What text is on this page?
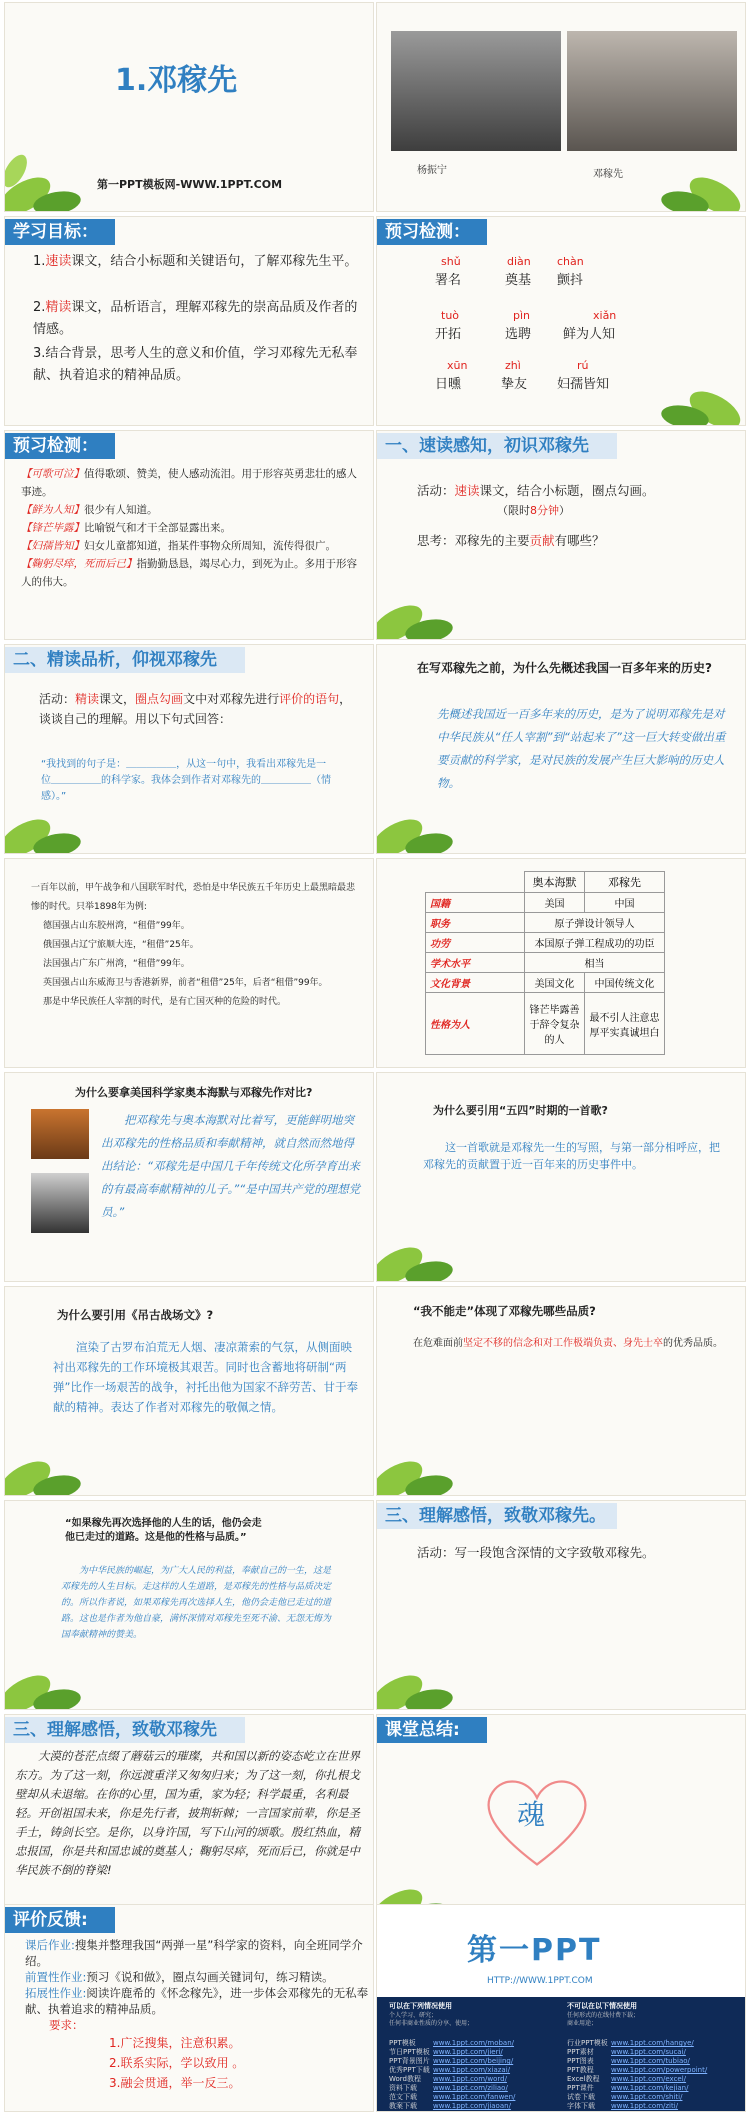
1.邓稼先
第一PPT模板网-WWW.1PPT.COM
杨振宁	邓稼先
学习目标：
1.速读课文，结合小标题和关键语句，了解邓稼先生平。
2.精读课文，品析语言，理解邓稼先的崇高品质及作者的情感。
3.结合背景，思考人生的意义和价值，学习邓稼先无私奉献、执着追求的精神品质。
预习检测：
shǔ
署名
diàn
奠基
chàn
颤抖
tuò
开拓
pìn
选聘
xiǎn
鲜为人知
xūn
日曛
zhì
挚友
rú
妇孺皆知
预习检测：
【可歌可泣】值得歌颂、赞美，使人感动流泪。用于形容英勇悲壮的感人事迹。
【鲜为人知】很少有人知道。
【锋芒毕露】比喻锐气和才干全部显露出来。
【妇孺皆知】妇女儿童都知道，指某件事物众所周知，流传得很广。
【鞠躬尽瘁，死而后已】指勤勤恳恳，竭尽心力，到死为止。多用于形容人的伟大。
一、速读感知，初识邓稼先
活动：速读课文，结合小标题，圈点勾画。
（限时8分钟）
思考：邓稼先的主要贡献有哪些？
二、精读品析，仰视邓稼先
活动：精读课文，圈点勾画文中对邓稼先进行评价的语句，谈谈自己的理解。用以下句式回答：
“我找到的句子是：＿＿＿＿＿，从这一句中，我看出邓稼先是一位＿＿＿＿＿的科学家。我体会到作者对邓稼先的＿＿＿＿＿（情感）。”
在写邓稼先之前，为什么先概述我国一百多年来的历史?
先概述我国近一百多年来的历史，是为了说明邓稼先是对中华民族从“任人宰割”到“站起来了”这一巨大转变做出重要贡献的科学家，是对民族的发展产生巨大影响的历史人物。
一百年以前，甲午战争和八国联军时代，恐怕是中华民族五千年历史上最黑暗最悲惨的时代。只举1898年为例:
德国强占山东胶州湾，“租借”99年。
俄国强占辽宁旅顺大连，“租借”25年。
法国强占广东广州湾，“租借”99年。
英国强占山东威海卫与香港新界，前者“租借”25年，后者“租借”99年。
那是中华民族任人宰割的时代，是有亡国灭种的危险的时代。
	奥本海默	邓稼先
国籍	美国	中国
职务	原子弹设计领导人	
功劳	本国原子弹工程成功的功臣	
学术水平	相当	
文化背景	美国文化	中国传统文化
性格为人	锋芒毕露善于辞令复杂的人	最不引人注意忠厚平实真诚坦白
为什么要拿美国科学家奥本海默与邓稼先作对比?
把邓稼先与奥本海默对比着写，更能鲜明地突出邓稼先的性格品质和奉献精神，就自然而然地得出结论：“邓稼先是中国几千年传统文化所孕育出来的有最高奉献精神的儿子。”“是中国共产党的理想党员。”
为什么要引用“五四”时期的一首歌?
这一首歌就是邓稼先一生的写照，与第一部分相呼应，把邓稼先的贡献置于近一百年来的历史事件中。
为什么要引用《吊古战场文》?
渲染了古罗布泊荒无人烟、凄凉萧索的气氛，从侧面映衬出邓稼先的工作环境极其艰苦。同时也含蓄地将研制“两弹”比作一场艰苦的战争，衬托出他为国家不辞劳苦、甘于奉献的精神。表达了作者对邓稼先的敬佩之情。
“我不能走”体现了邓稼先哪些品质?
在危难面前坚定不移的信念和对工作极端负责、身先士卒的优秀品质。
“如果稼先再次选择他的人生的话，他仍会走他已走过的道路。这是他的性格与品质。”
为中华民族的崛起，为广大人民的利益，奉献自己的一生，这是邓稼先的人生目标。走这样的人生道路，是邓稼先的性格与品质决定的。所以作者说，如果邓稼先再次选择人生，他仍会走他已走过的道路。这也是作者为他自豪，满怀深情对邓稼先至死不渝、无怨无悔为国奉献精神的赞美。
三、理解感悟，致敬邓稼先。
活动：写一段饱含深情的文字致敬邓稼先。
三、理解感悟，致敬邓稼先
大漠的苍茫点缀了蘑菇云的璀璨，共和国以新的姿态屹立在世界东方。为了这一刻，你远渡重洋又匆匆归来；为了这一刻，你扎根戈壁却从未退缩。在你的心里，国为重，家为轻；科学最重，名利最轻。开创祖国未来，你是先行者，披荆斩棘；一言国家前辈，你是圣手士，铸剑长空。是你，以身许国，写下山河的颂歌。殷红热血，精忠报国，你是共和国忠诚的奠基人；鞠躬尽瘁，死而后已，你就是中华民族不倒的脊梁!
课堂总结:
魂
评价反馈:
课后作业:搜集并整理我国“两弹一星”科学家的资料，向全班同学介绍。
前置性作业:预习《说和做》，圈点勾画关键词句，练习精读。
拓展性作业:阅读许鹿希的《怀念稼先》，进一步体会邓稼先的无私奉献、执着追求的精神品质。
要求：
1.广泛搜集，注意积累。
2.联系实际，学以致用 。
3.融会贯通，举一反三。
第一PPT
HTTP://WWW.1PPT.COM
可以在下列情况使用
个人学习、研究；
任何非商业性质的分享、使用；
不可以在以下情况使用
任何形式的在线付费下载；
商业用途；
PPT模板 www.1ppt.com/moban/
节日PPT模板 www.1ppt.com/jieri/
PPT背景图片 www.1ppt.com/beijing/
优秀PPT下载 www.1ppt.com/xiazai/
Word教程 www.1ppt.com/word/
资料下载 www.1ppt.com/ziliao/
范文下载 www.1ppt.com/fanwen/
教案下载 www.1ppt.com/jiaoan/
行业PPT模板 www.1ppt.com/hangye/
PPT素材 www.1ppt.com/sucai/
PPT图表 www.1ppt.com/tubiao/
PPT教程 www.1ppt.com/powerpoint/
Excel教程 www.1ppt.com/excel/
PPT课件 www.1ppt.com/kejian/
试卷下载 www.1ppt.com/shiti/
字体下载 www.1ppt.com/ziti/
